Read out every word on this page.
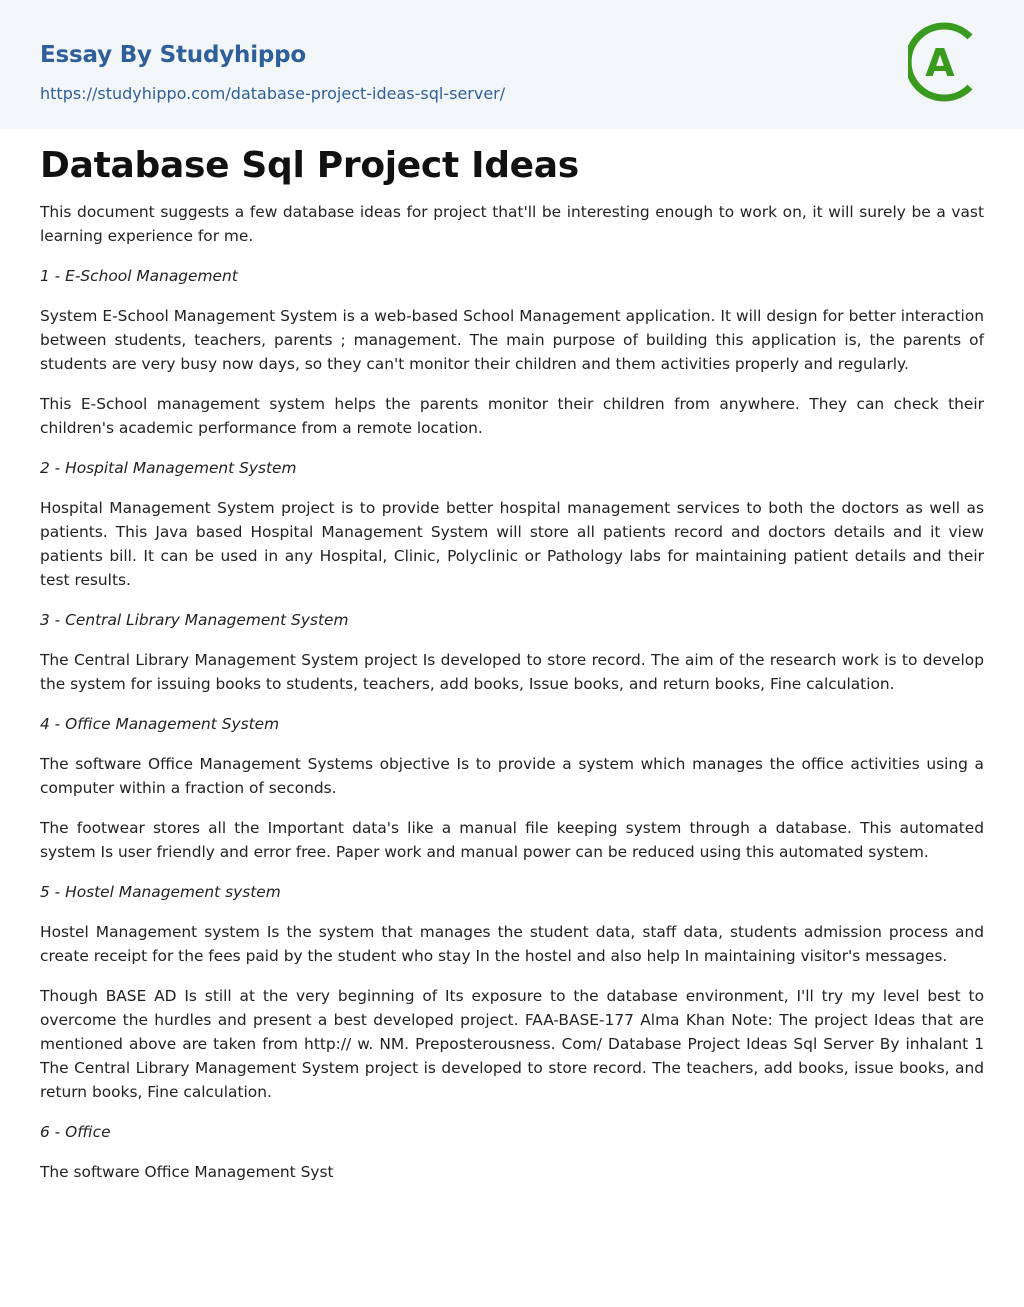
Essay By Studyhippo
https://studyhippo.com/database-project-ideas-sql-server/
A
Database Sql Project Ideas

This document suggests a few database ideas for project that'll be interesting enough to work on, it will surely be a vast learning experience for me.

1 - E-School Management

System E-School Management System is a web-based School Management application. It will design for better interaction between students, teachers, parents ; management. The main purpose of building this application is, the parents of students are very busy now days, so they can't monitor their children and them activities properly and regularly.

This E-School management system helps the parents monitor their children from anywhere. They can check their children's academic performance from a remote location.

2 - Hospital Management System

Hospital Management System project is to provide better hospital management services to both the doctors as well as patients. This Java based Hospital Management System will store all patients record and doctors details and it view patients bill. It can be used in any Hospital, Clinic, Polyclinic or Pathology labs for maintaining patient details and their test results.

3 - Central Library Management System

The Central Library Management System project Is developed to store record. The aim of the research work is to develop the system for issuing books to students, teachers, add books, Issue books, and return books, Fine calculation.

4 - Office Management System

The software Office Management Systems objective Is to provide a system which manages the office activities using a computer within a fraction of seconds.

The footwear stores all the Important data's like a manual file keeping system through a database. This automated system Is user friendly and error free. Paper work and manual power can be reduced using this automated system.

5 - Hostel Management system

Hostel Management system Is the system that manages the student data, staff data, students admission process and create receipt for the fees paid by the student who stay In the hostel and also help In maintaining visitor's messages.

Though BASE AD Is still at the very beginning of Its exposure to the database environment, I'll try my level best to overcome the hurdles and present a best developed project. FAA-BASE-177 Alma Khan Note: The project Ideas that are mentioned above are taken from http:// w. NM. Preposterousness. Com/ Database Project Ideas Sql Server By inhalant 1 The Central Library Management System project is developed to store record. The teachers, add books, issue books, and return books, Fine calculation.

6 - Office

The software Office Management Syst
